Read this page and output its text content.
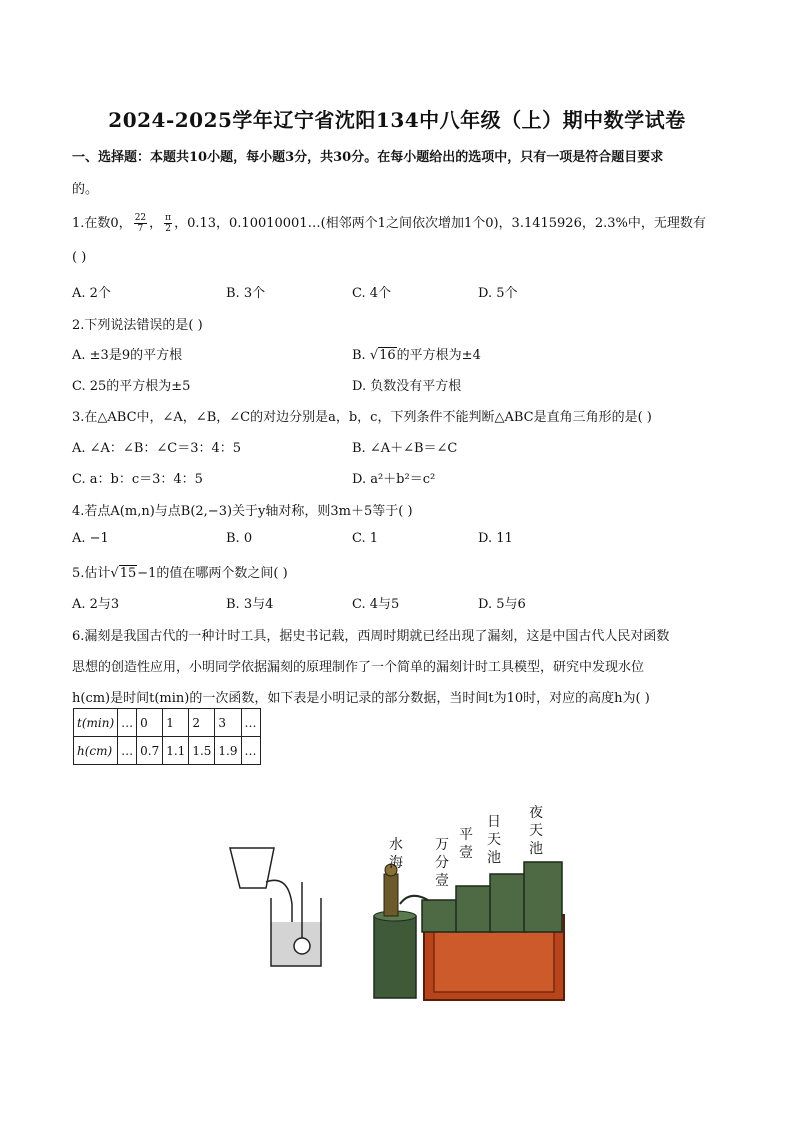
2024-2025学年辽宁省沈阳134中八年级（上）期中数学试卷
一、选择题：本题共10小题，每小题3分，共30分。在每小题给出的选项中，只有一项是符合题目要求
的。
1.在数0， $\frac{22}{7}$ ， $\frac{\pi}{2}$ ，0.13，0.10010001…(相邻两个1之间依次增加1个0)，3.1415926，2.3%中，无理数有
( )
A. 2个	B. 3个	C. 4个	D. 5个
2.下列说法错误的是( )
A. ±3是9的平方根	B. √16的平方根为±4
C. 25的平方根为±5	D. 负数没有平方根
3.在△ABC中，∠A，∠B，∠C的对边分别是a，b，c，下列条件不能判断△ABC是直角三角形的是( )
A. ∠A：∠B：∠C＝3：4：5	B. ∠A＋∠B＝∠C
C. a：b：c＝3：4：5	D. a²＋b²＝c²
4.若点A(m,n)与点B(2,−3)关于y轴对称，则3m＋5等于( )
A. −1	B. 0	C. 1	D. 11
5.估计√15−1的值在哪两个数之间( )
A. 2与3	B. 3与4	C. 4与5	D. 5与6
6.漏刻是我国古代的一种计时工具，据史书记载，西周时期就已经出现了漏刻，这是中国古代人民对函数
思想的创造性应用，小明同学依据漏刻的原理制作了一个简单的漏刻计时工具模型，研究中发现水位
h(cm)是时间t(min)的一次函数，如下表是小明记录的部分数据，当时间t为10时，对应的高度h为( )
t(min)	…	0	1	2	3	…
h(cm)	…	0.7	1.1	1.5	1.9	…
水
海
万
分
壹
平
壹
日
天
池
夜
天
池
